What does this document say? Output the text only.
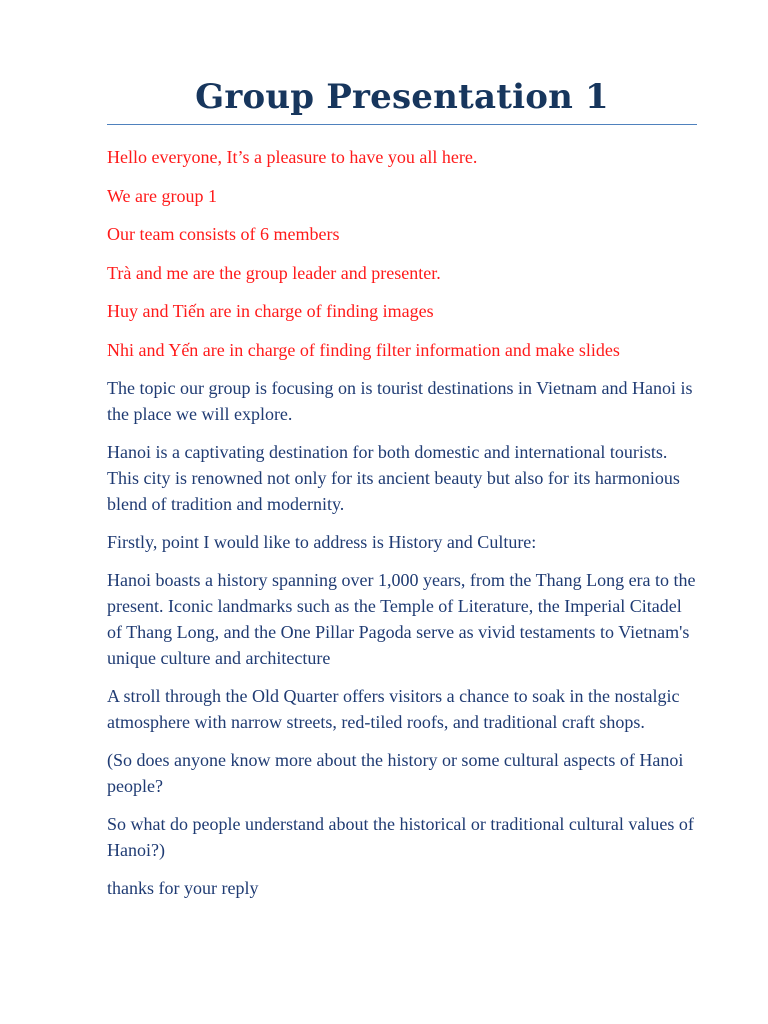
Group Presentation 1

Hello everyone, It’s a pleasure to have you all here.

We are group 1

Our team consists of 6 members

Trà and me are the group leader and presenter.

Huy and Tiến are in charge of finding images

Nhi and Yến are in charge of finding filter information and make slides

The topic our group is focusing on is tourist destinations in Vietnam and Hanoi is the place we will explore.

Hanoi is a captivating destination for both domestic and international tourists. This city is renowned not only for its ancient beauty but also for its harmonious blend of tradition and modernity.

Firstly, point I would like to address is History and Culture:

Hanoi boasts a history spanning over 1,000 years, from the Thang Long era to the present. Iconic landmarks such as the Temple of Literature, the Imperial Citadel of Thang Long, and the One Pillar Pagoda serve as vivid testaments to Vietnam's unique culture and architecture

A stroll through the Old Quarter offers visitors a chance to soak in the nostalgic atmosphere with narrow streets, red-tiled roofs, and traditional craft shops.

(So does anyone know more about the history or some cultural aspects of Hanoi people?

So what do people understand about the historical or traditional cultural values of Hanoi?)

thanks for your reply
